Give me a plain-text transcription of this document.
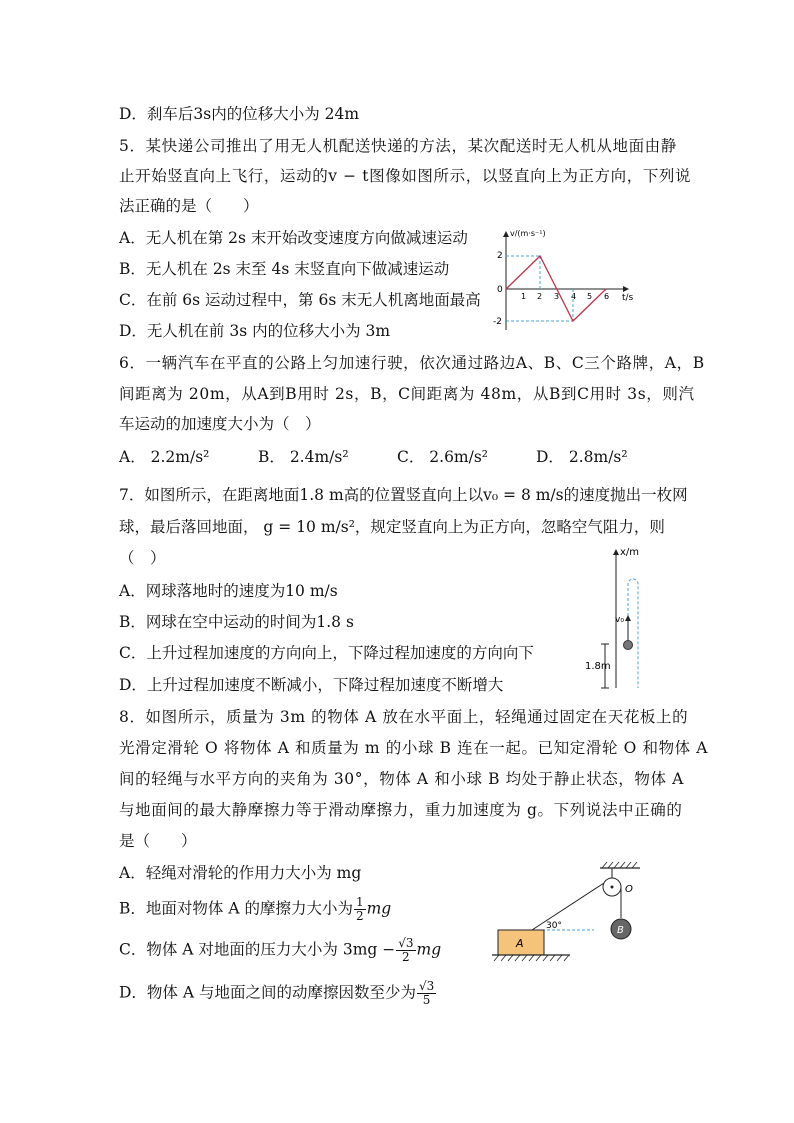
D．刹车后3s内的位移大小为 24m
5．某快递公司推出了用无人机配送快递的方法，某次配送时无人机从地面由静
止开始竖直向上飞行，运动的v − t图像如图所示，以竖直向上为正方向，下列说
法正确的是（　　）
A．无人机在第 2s 末开始改变速度方向做减速运动
B．无人机在 2s 末至 4s 末竖直向下做减速运动
C．在前 6s 运动过程中，第 6s 末无人机离地面最高
D．无人机在前 3s 内的位移大小为 3m
v/(m·s⁻¹)
t/s
2
0
-2
1 2 3 4 5 6
6．一辆汽车在平直的公路上匀加速行驶，依次通过路边A、B、C三个路牌，A，B
间距离为 20m，从A到B用时 2s，B，C间距离为 48m，从B到C用时 3s，则汽
车运动的加速度大小为（　）
A． 2.2m/s²	B． 2.4m/s²	C． 2.6m/s²	D． 2.8m/s²
7．如图所示，在距离地面1.8 m高的位置竖直向上以v₀ = 8 m/s的速度抛出一枚网
球，最后落回地面， g = 10 m/s²，规定竖直向上为正方向，忽略空气阻力，则
（　）
A．网球落地时的速度为10 m/s
B．网球在空中运动的时间为1.8 s
C．上升过程加速度的方向向上，下降过程加速度的方向向下
D．上升过程加速度不断减小，下降过程加速度不断增大
x/m
v₀
1.8m
8．如图所示，质量为 3m 的物体 A 放在水平面上，轻绳通过固定在天花板上的
光滑定滑轮 O 将物体 A 和质量为 m 的小球 B 连在一起。已知定滑轮 O 和物体 A
间的轻绳与水平方向的夹角为 30°，物体 A 和小球 B 均处于静止状态，物体 A
与地面间的最大静摩擦力等于滑动摩擦力，重力加速度为 g。下列说法中正确的
是（　　）
A．轻绳对滑轮的作用力大小为 mg
B．地面对物体 A 的摩擦力大小为 $\frac{1}{2}$ mg
C．物体 A 对地面的压力大小为 $3mg - \frac{√3}{2}$ mg
D．物体 A 与地面之间的动摩擦因数至少为 $\frac{√3}{5}$
O
B
30°
A
